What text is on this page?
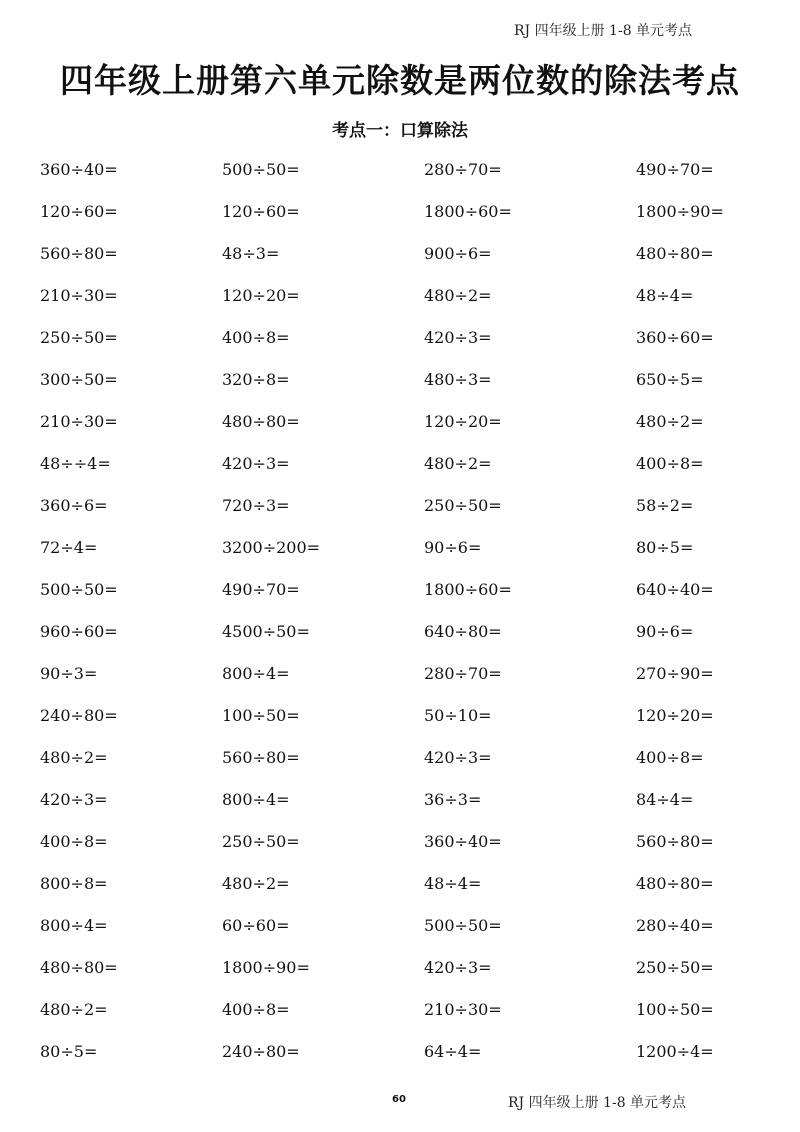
RJ 四年级上册 1-8 单元考点
四年级上册第六单元除数是两位数的除法考点
考点一：口算除法
360÷40=	500÷50=	280÷70=	490÷70=
120÷60=	120÷60=	1800÷60=	1800÷90=
560÷80=	48÷3=	900÷6=	480÷80=
210÷30=	120÷20=	480÷2=	48÷4=
250÷50=	400÷8=	420÷3=	360÷60=
300÷50=	320÷8=	480÷3=	650÷5=
210÷30=	480÷80=	120÷20=	480÷2=
48÷÷4=	420÷3=	480÷2=	400÷8=
360÷6=	720÷3=	250÷50=	58÷2=
72÷4=	3200÷200=	90÷6=	80÷5=
500÷50=	490÷70=	1800÷60=	640÷40=
960÷60=	4500÷50=	640÷80=	90÷6=
90÷3=	800÷4=	280÷70=	270÷90=
240÷80=	100÷50=	50÷10=	120÷20=
480÷2=	560÷80=	420÷3=	400÷8=
420÷3=	800÷4=	36÷3=	84÷4=
400÷8=	250÷50=	360÷40=	560÷80=
800÷8=	480÷2=	48÷4=	480÷80=
800÷4=	60÷60=	500÷50=	280÷40=
480÷80=	1800÷90=	420÷3=	250÷50=
480÷2=	400÷8=	210÷30=	100÷50=
80÷5=	240÷80=	64÷4=	1200÷4=
60	RJ 四年级上册 1-8 单元考点
